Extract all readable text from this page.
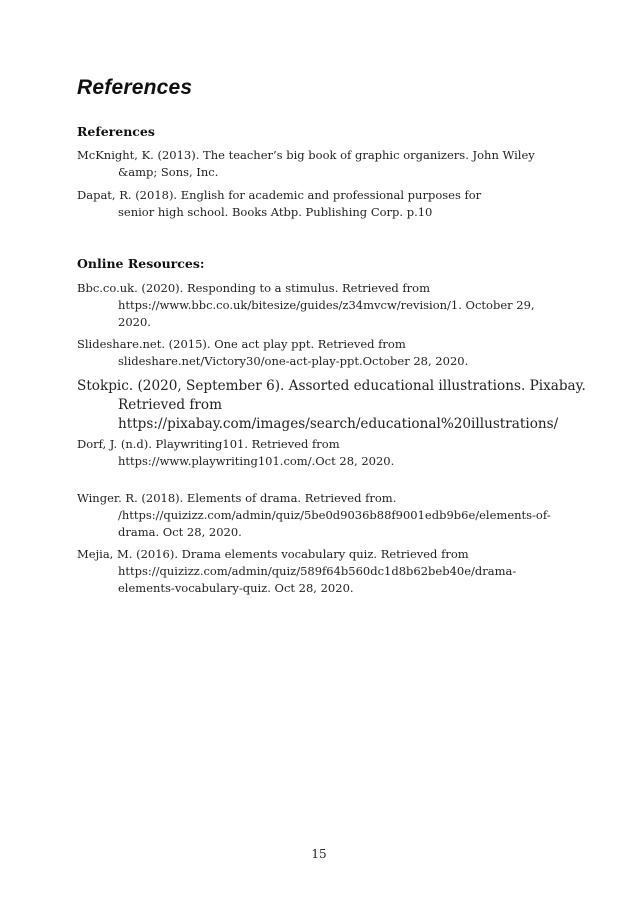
References
References

McKnight, K. (2013). The teacher’s big book of graphic organizers. John Wiley
&amp; Sons, Inc.

Dapat, R. (2018). English for academic and professional purposes for
senior high school. Books Atbp. Publishing Corp. p.10

Online Resources:

Bbc.co.uk. (2020). Responding to a stimulus. Retrieved from
https://www.bbc.co.uk/bitesize/guides/z34mvcw/revision/1. October 29, 2020.

Slideshare.net. (2015). One act play ppt. Retrieved from
slideshare.net/Victory30/one-act-play-ppt.October 28, 2020.

Stokpic. (2020, September 6). Assorted educational illustrations. Pixabay.
Retrieved from
https://pixabay.com/images/search/educational%20illustrations/

Dorf, J. (n.d). Playwriting101. Retrieved from
https://www.playwriting101.com/.Oct 28, 2020.

Winger. R. (2018). Elements of drama. Retrieved from.
/https://quizizz.com/admin/quiz/5be0d9036b88f9001edb9b6e/elements-of-drama. Oct 28, 2020.

Mejia, M. (2016). Drama elements vocabulary quiz. Retrieved from
https://quizizz.com/admin/quiz/589f64b560dc1d8b62beb40e/drama-elements-vocabulary-quiz. Oct 28, 2020.

15
